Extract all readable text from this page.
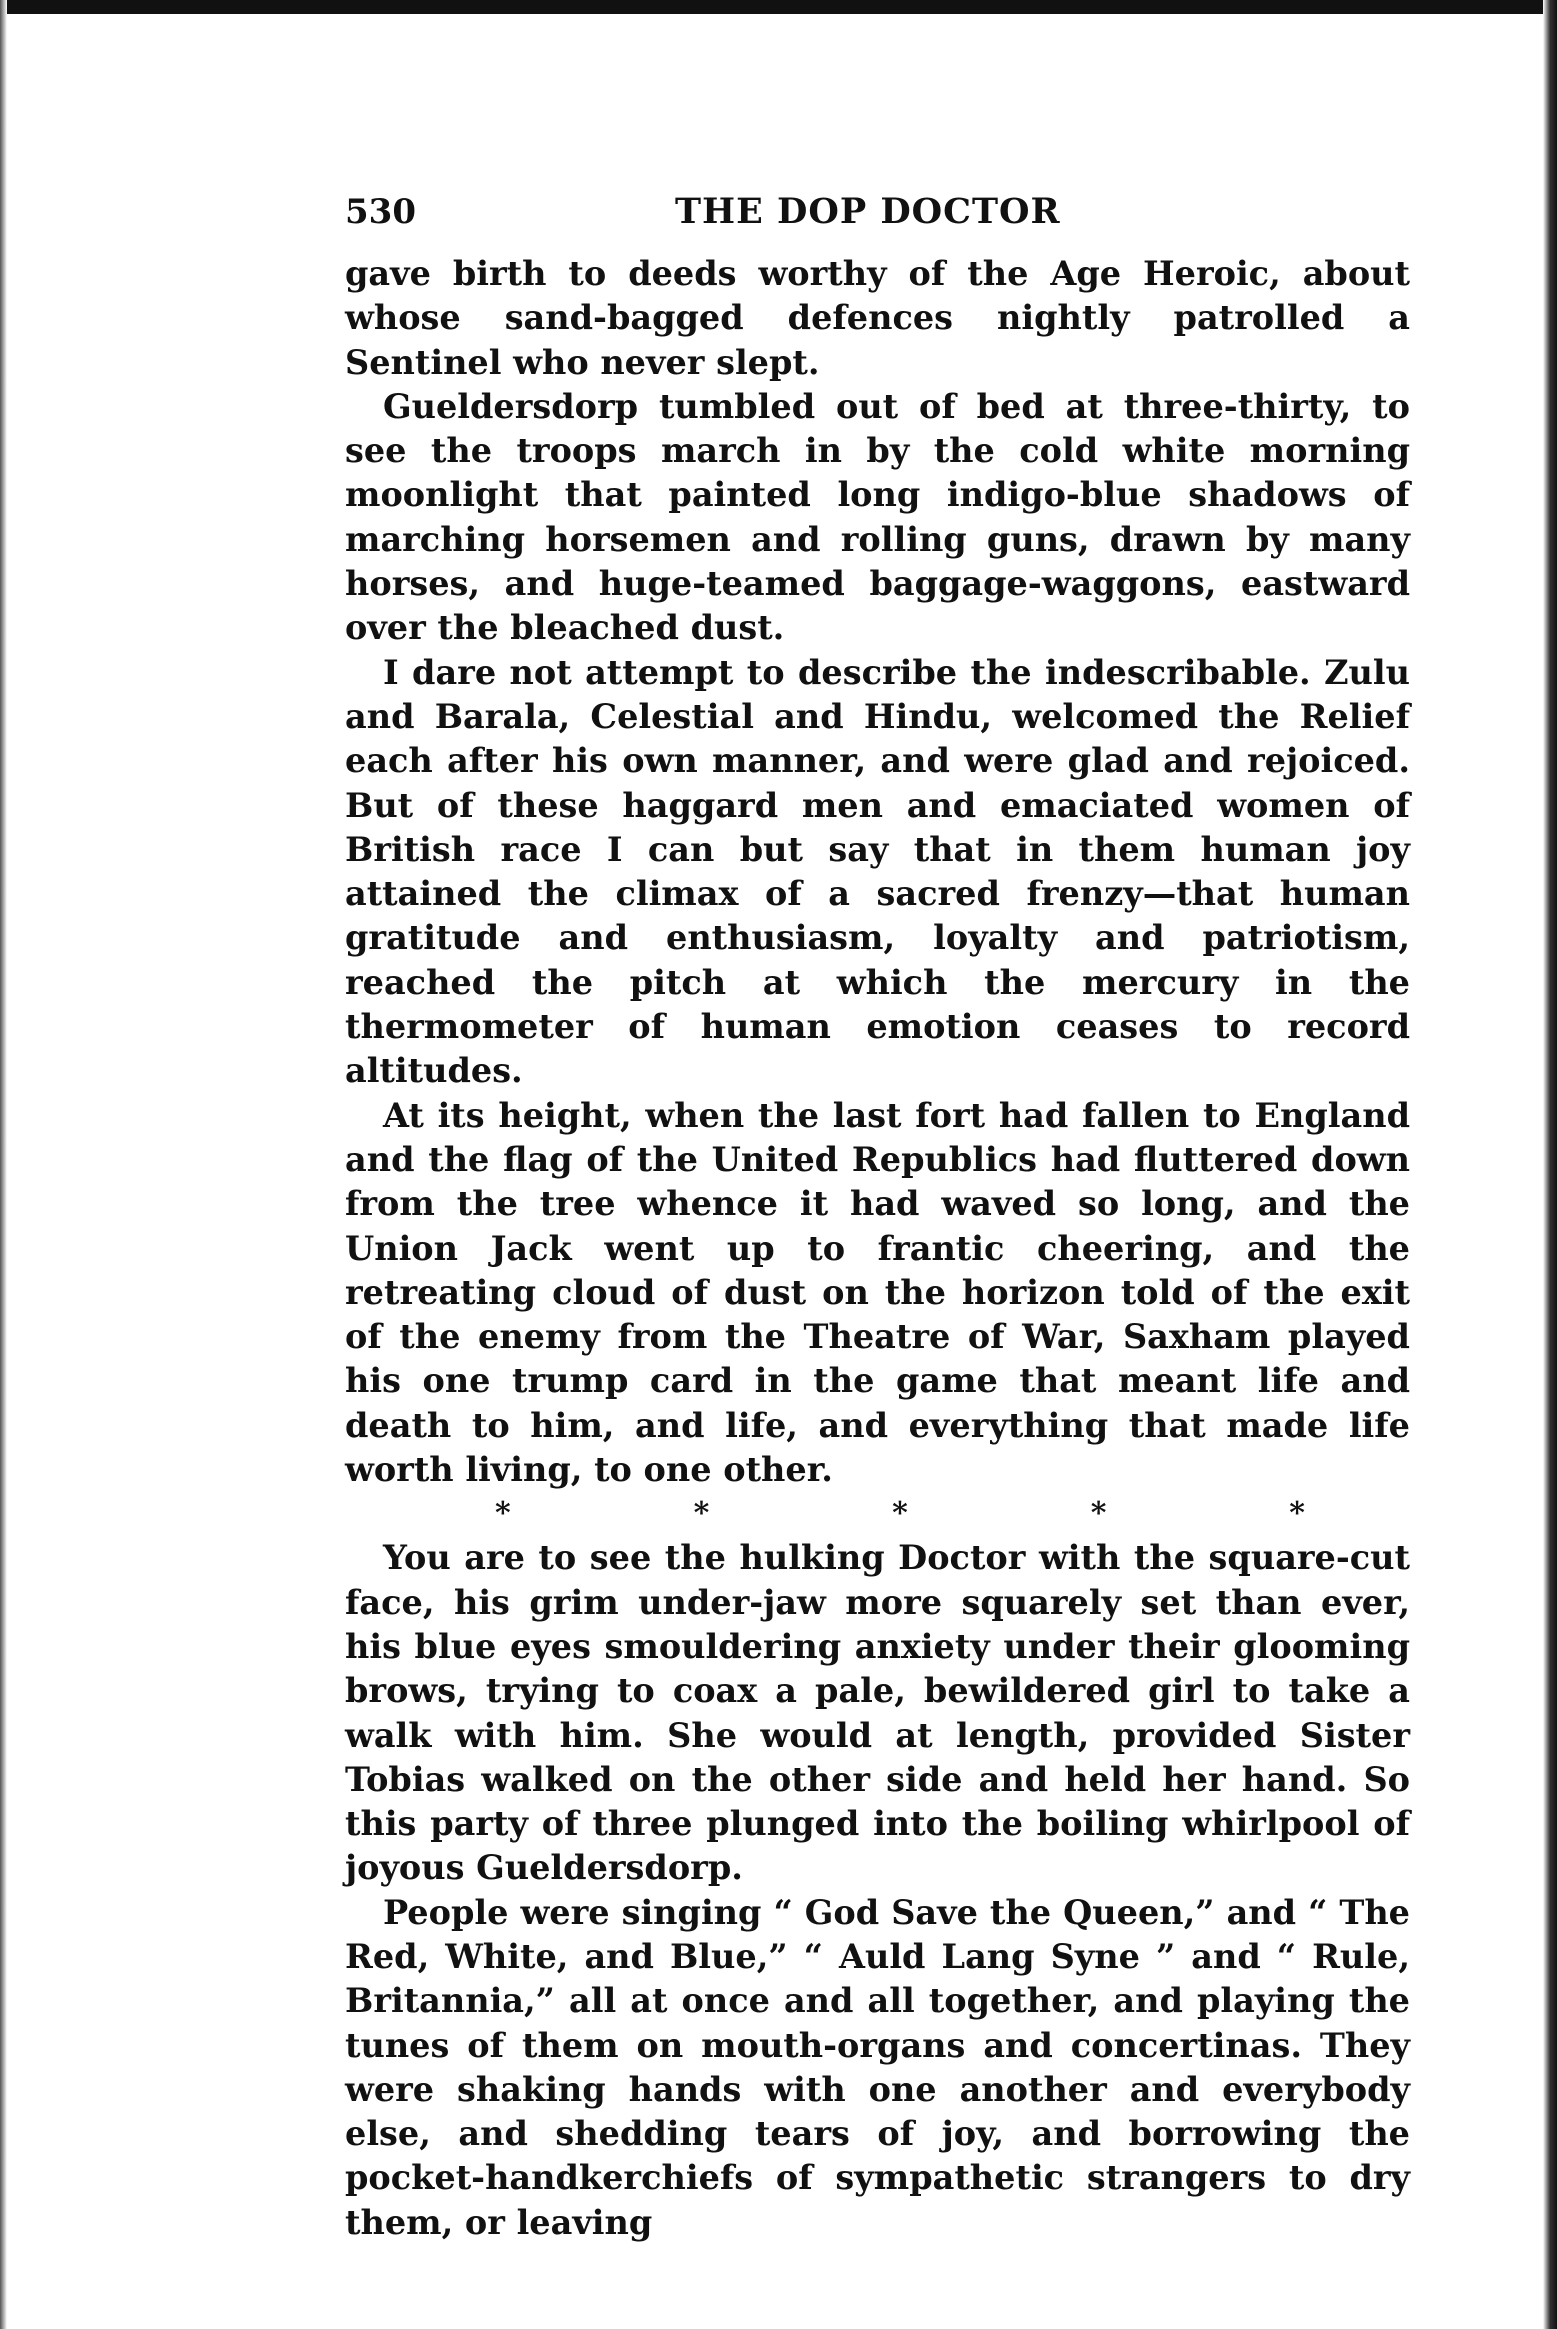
530	THE DOP DOCTOR

gave birth to deeds worthy of the Age Heroic, about whose sand-bagged defences nightly patrolled a Sentinel who never slept.

Gueldersdorp tumbled out of bed at three-thirty, to see the troops march in by the cold white morning moonlight that painted long indigo-blue shadows of marching horsemen and rolling guns, drawn by many horses, and huge-teamed baggage-waggons, eastward over the bleached dust.

I dare not attempt to describe the indescribable. Zulu and Barala, Celestial and Hindu, welcomed the Relief each after his own manner, and were glad and rejoiced. But of these haggard men and emaciated women of British race I can but say that in them human joy attained the climax of a sacred frenzy—that human gratitude and enthusiasm, loyalty and patriotism, reached the pitch at which the mercury in the thermometer of human emotion ceases to record altitudes.

At its height, when the last fort had fallen to England and the flag of the United Republics had fluttered down from the tree whence it had waved so long, and the Union Jack went up to frantic cheering, and the retreating cloud of dust on the horizon told of the exit of the enemy from the Theatre of War, Saxham played his one trump card in the game that meant life and death to him, and life, and everything that made life worth living, to one other.

*	*	*	*	*

You are to see the hulking Doctor with the square-cut face, his grim under-jaw more squarely set than ever, his blue eyes smouldering anxiety under their glooming brows, trying to coax a pale, bewildered girl to take a walk with him. She would at length, provided Sister Tobias walked on the other side and held her hand. So this party of three plunged into the boiling whirlpool of joyous Gueldersdorp.

People were singing “ God Save the Queen,” and “ The Red, White, and Blue,” “ Auld Lang Syne ” and “ Rule, Britannia,” all at once and all together, and playing the tunes of them on mouth-organs and concertinas. They were shaking hands with one another and everybody else, and shedding tears of joy, and borrowing the pocket-handkerchiefs of sympathetic strangers to dry them, or leaving
